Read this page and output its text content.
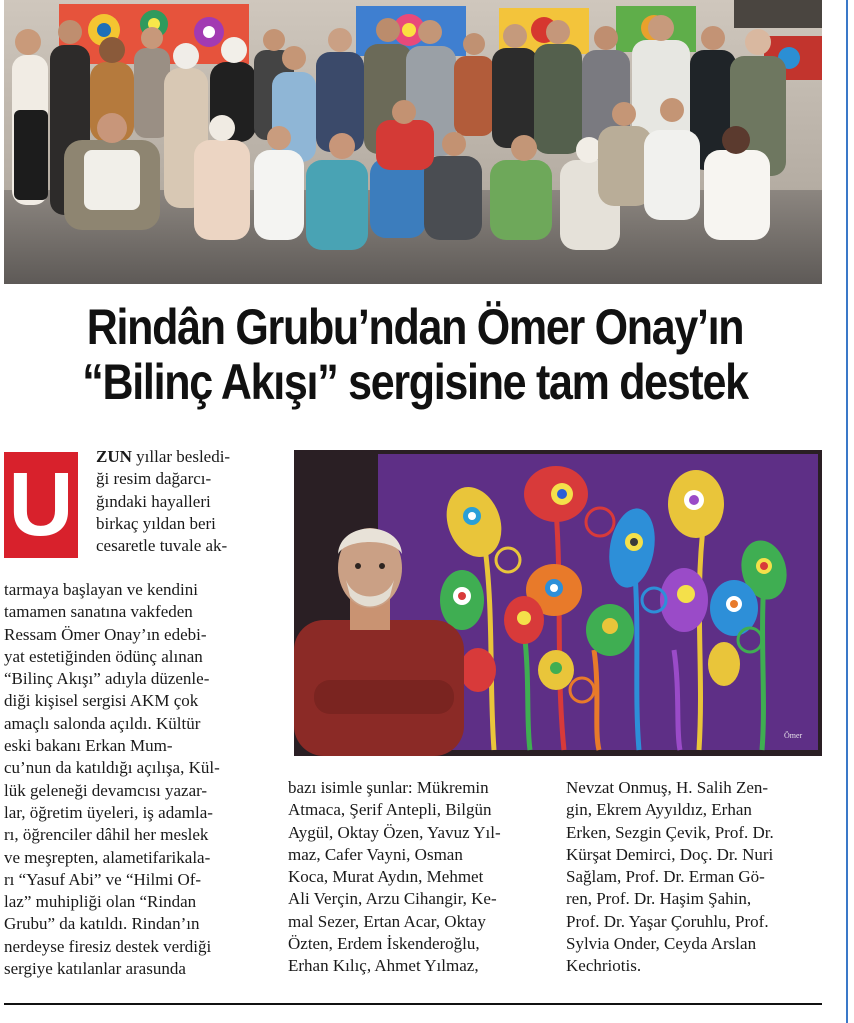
Rindân Grubu’ndan Ömer Onay’ın
“Bilinç Akışı” sergisine tam destek
U ZUN yıllar besledi-

ği resim dağarcı-

ğındaki hayalleri

birkaç yıldan beri

cesaretle tuvale ak-

tarmaya başlayan ve kendini

tamamen sanatına vakfeden

Ressam Ömer Onay’ın edebi-

yat estetiğinden ödünç alınan

“Bilinç Akışı” adıyla düzenle-

diği kişisel sergisi AKM çok

amaçlı salonda açıldı. Kültür

eski bakanı Erkan Mum-

cu’nun da katıldığı açılışa, Kül-

lük geleneği devamcısı yazar-

lar, öğretim üyeleri, iş adamla-

rı, öğrenciler dâhil her meslek

ve meşrepten, alametifarikala-

rı “Yasuf Abi” ve “Hilmi Of-

laz” muhipliği olan “Rindan

Grubu” da katıldı. Rindan’ın

nerdeyse firesiz destek verdiği

sergiye katılanlar arasunda

Ömer

bazı isimle şunlar: Mükremin

Atmaca, Şerif Antepli, Bilgün

Aygül, Oktay Özen, Yavuz Yıl-

maz, Cafer Vayni, Osman

Koca, Murat Aydın, Mehmet

Ali Verçin, Arzu Cihangir, Ke-

mal Sezer, Ertan Acar, Oktay

Özten, Erdem İskenderoğlu,

Erhan Kılıç, Ahmet Yılmaz,

Nevzat Onmuş, H. Salih Zen-

gin, Ekrem Ayyıldız, Erhan

Erken, Sezgin Çevik, Prof. Dr.

Kürşat Demirci, Doç. Dr. Nuri

Sağlam, Prof. Dr. Erman Gö-

ren, Prof. Dr. Haşim Şahin,

Prof. Dr. Yaşar Çoruhlu, Prof.

Sylvia Onder, Ceyda Arslan

Kechriotis.
